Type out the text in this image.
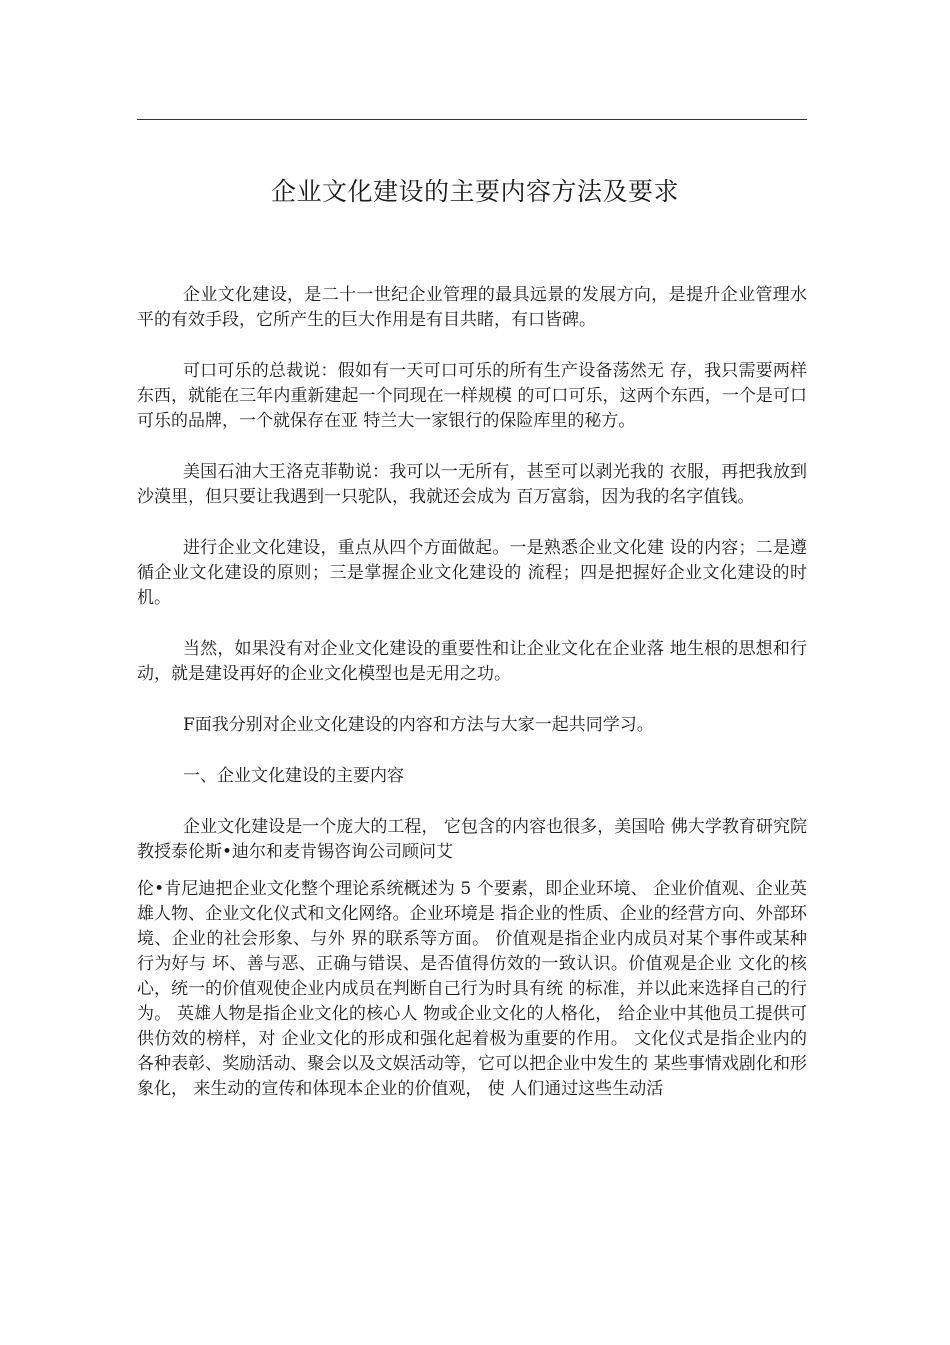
企业文化建设的主要内容方法及要求

企业文化建设，是二十一世纪企业管理的最具远景的发展方向，是提升企业管理水平的有效手段，它所产生的巨大作用是有目共睹，有口皆碑。

可口可乐的总裁说：假如有一天可口可乐的所有生产设备荡然无 存，我只需要两样东西，就能在三年内重新建起一个同现在一样规模 的可口可乐，这两个东西，一个是可口可乐的品牌，一个就保存在亚 特兰大一家银行的保险库里的秘方。

美国石油大王洛克菲勒说：我可以一无所有，甚至可以剥光我的 衣服，再把我放到沙漠里，但只要让我遇到一只驼队，我就还会成为 百万富翁，因为我的名字值钱。

进行企业文化建设，重点从四个方面做起。一是熟悉企业文化建 设的内容；二是遵循企业文化建设的原则；三是掌握企业文化建设的 流程；四是把握好企业文化建设的时机。

当然，如果没有对企业文化建设的重要性和让企业文化在企业落 地生根的思想和行动，就是建设再好的企业文化模型也是无用之功。

F面我分别对企业文化建设的内容和方法与大家一起共同学习。

一、企业文化建设的主要内容

企业文化建设是一个庞大的工程， 它包含的内容也很多，美国哈 佛大学教育研究院教授泰伦斯•迪尔和麦肯锡咨询公司顾问艾

伦•肯尼迪把企业文化整个理论系统概述为 5 个要素，即企业环境、 企业价值观、企业英雄人物、企业文化仪式和文化网络。企业环境是 指企业的性质、企业的经营方向、外部环境、企业的社会形象、与外 界的联系等方面。 价值观是指企业内成员对某个事件或某种行为好与 坏、善与恶、正确与错误、是否值得仿效的一致认识。价值观是企业 文化的核心，统一的价值观使企业内成员在判断自己行为时具有统 的标准，并以此来选择自己的行为。 英雄人物是指企业文化的核心人 物或企业文化的人格化， 给企业中其他员工提供可供仿效的榜样，对 企业文化的形成和强化起着极为重要的作用。 文化仪式是指企业内的 各种表彰、奖励活动、聚会以及文娱活动等，它可以把企业中发生的 某些事情戏剧化和形象化， 来生动的宣传和体现本企业的价值观， 使 人们通过这些生动活
